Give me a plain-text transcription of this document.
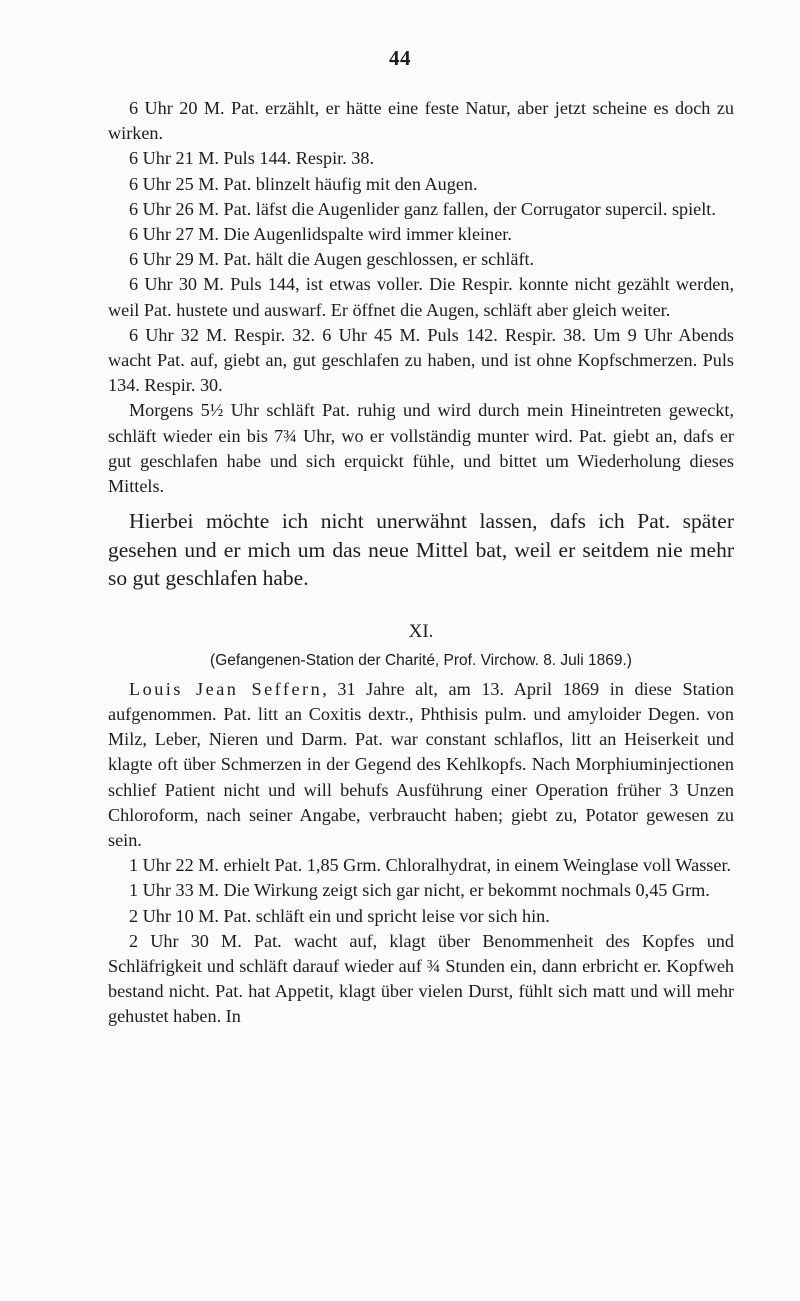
44

6 Uhr 20 M. Pat. erzählt, er hätte eine feste Natur, aber jetzt scheine es doch zu wirken.

6 Uhr 21 M. Puls 144. Respir. 38.

6 Uhr 25 M. Pat. blinzelt häufig mit den Augen.

6 Uhr 26 M. Pat. läfst die Augenlider ganz fallen, der Corrugator supercil. spielt.

6 Uhr 27 M. Die Augenlidspalte wird immer kleiner.

6 Uhr 29 M. Pat. hält die Augen geschlossen, er schläft.

6 Uhr 30 M. Puls 144, ist etwas voller. Die Respir. konnte nicht gezählt werden, weil Pat. hustete und auswarf. Er öffnet die Augen, schläft aber gleich weiter.

6 Uhr 32 M. Respir. 32. 6 Uhr 45 M. Puls 142. Respir. 38. Um 9 Uhr Abends wacht Pat. auf, giebt an, gut geschlafen zu haben, und ist ohne Kopfschmerzen. Puls 134. Respir. 30.

Morgens 5½ Uhr schläft Pat. ruhig und wird durch mein Hineintreten geweckt, schläft wieder ein bis 7¾ Uhr, wo er vollständig munter wird. Pat. giebt an, dafs er gut geschlafen habe und sich erquickt fühle, und bittet um Wiederholung dieses Mittels.

Hierbei möchte ich nicht unerwähnt lassen, dafs ich Pat. später gesehen und er mich um das neue Mittel bat, weil er seitdem nie mehr so gut geschlafen habe.

XI.
(Gefangenen-Station der Charité, Prof. Virchow. 8. Juli 1869.)

Louis Jean Seffern, 31 Jahre alt, am 13. April 1869 in diese Station aufgenommen. Pat. litt an Coxitis dextr., Phthisis pulm. und amyloider Degen. von Milz, Leber, Nieren und Darm. Pat. war constant schlaflos, litt an Heiserkeit und klagte oft über Schmerzen in der Gegend des Kehlkopfs. Nach Morphiuminjectionen schlief Patient nicht und will behufs Ausführung einer Operation früher 3 Unzen Chloroform, nach seiner Angabe, verbraucht haben; giebt zu, Potator gewesen zu sein.

1 Uhr 22 M. erhielt Pat. 1,85 Grm. Chloralhydrat, in einem Weinglase voll Wasser.

1 Uhr 33 M. Die Wirkung zeigt sich gar nicht, er bekommt nochmals 0,45 Grm.

2 Uhr 10 M. Pat. schläft ein und spricht leise vor sich hin.

2 Uhr 30 M. Pat. wacht auf, klagt über Benommenheit des Kopfes und Schläfrigkeit und schläft darauf wieder auf ¾ Stunden ein, dann erbricht er. Kopfweh bestand nicht. Pat. hat Appetit, klagt über vielen Durst, fühlt sich matt und will mehr gehustet haben. In
